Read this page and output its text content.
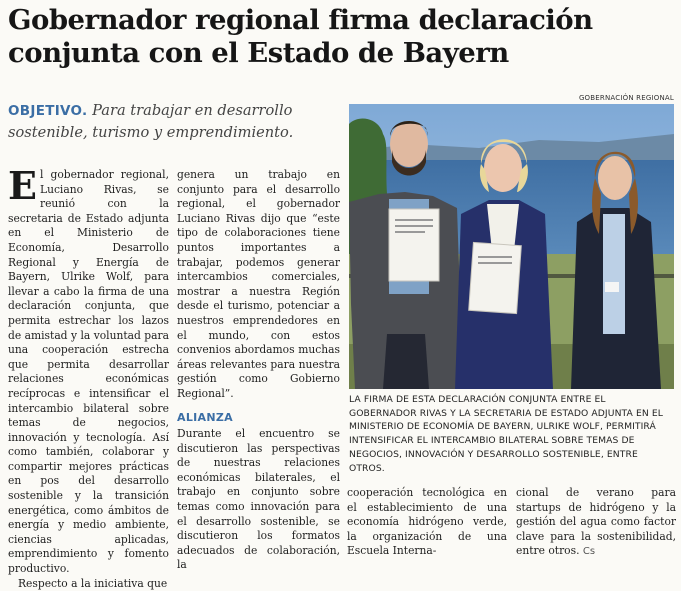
Gobernador regional firma declaración conjunta con el Estado de Bayern
OBJETIVO. Para trabajar en desarrollo sostenible, turismo y emprendimiento.
E l gobernador regional, Luciano Rivas, se reunió con la secretaria de Estado adjunta en el Ministerio de Economía, Desarrollo Regional y Energía de Bayern, Ulrike Wolf, para llevar a cabo la firma de una declaración conjunta, que permita estrechar los lazos de amistad y la voluntad para una cooperación estrecha que permita desarrollar relaciones económicas recíprocas e intensificar el intercambio bilateral sobre temas de negocios, innovación y tecnología. Así como también, colaborar y compartir mejores prácticas en pos del desarrollo sostenible y la transición energética, como ámbitos de energía y medio ambiente, ciencias aplicadas, emprendimiento y fomento productivo.

Respecto a la iniciativa que

genera un trabajo en conjunto para el desarrollo regional, el gobernador Luciano Rivas dijo que “este tipo de colaboraciones tiene puntos importantes a trabajar, podemos generar intercambios comerciales, mostrar a nuestra Región desde el turismo, potenciar a nuestros emprendedores en el mundo, con estos convenios abordamos muchas áreas relevantes para nuestra gestión como Gobierno Regional”.

ALIANZA

Durante el encuentro se discutieron las perspectivas de nuestras relaciones económicas bilaterales, el trabajo en conjunto sobre temas como innovación para el desarrollo sostenible, se discutieron los formatos adecuados de colaboración, la

GOBERNACIÓN REGIONAL
LA FIRMA DE ESTA DECLARACIÓN CONJUNTA ENTRE EL GOBERNADOR RIVAS Y LA SECRETARIA DE ESTADO ADJUNTA EN EL MINISTERIO DE ECONOMÍA DE BAYERN, ULRIKE WOLF, PERMITIRÁ INTENSIFICAR EL INTERCAMBIO BILATERAL SOBRE TEMAS DE NEGOCIOS, INNOVACIÓN Y DESARROLLO SOSTENIBLE, ENTRE OTROS.

cooperación tecnológica en el establecimiento de una economía hidrógeno verde, la organización de una Escuela Interna-

cional de verano para startups de hidrógeno y la gestión del agua como factor clave para la sostenibilidad, entre otros. Cs
